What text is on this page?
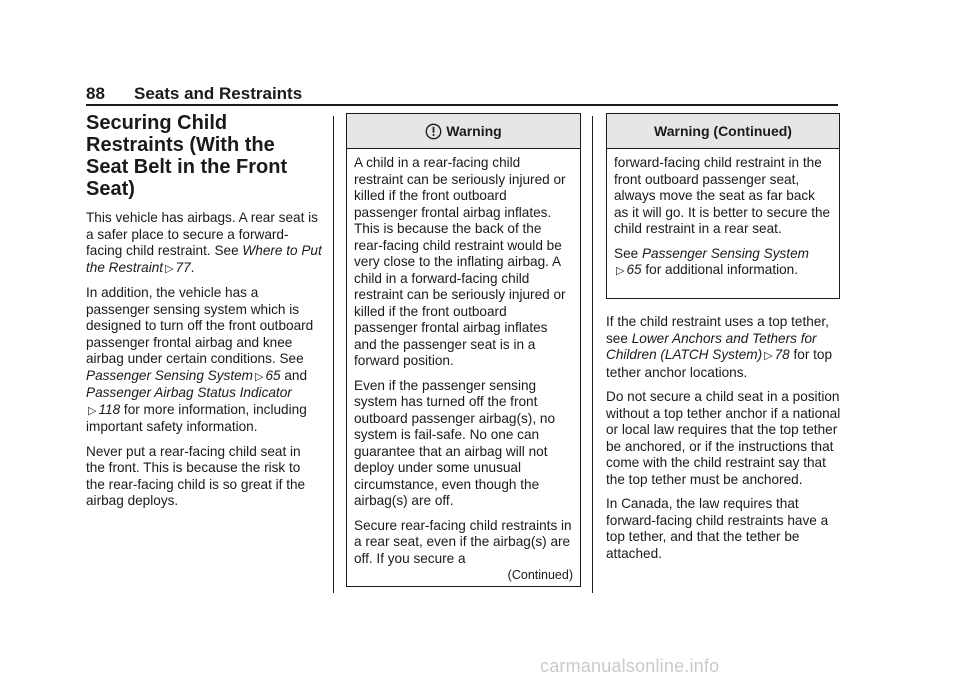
88 Seats and Restraints
Securing Child Restraints (With the Seat Belt in the Front Seat)

This vehicle has airbags. A rear seat is a safer place to secure a forward-facing child restraint. See Where to Put the Restraint ▷ 77.

In addition, the vehicle has a passenger sensing system which is designed to turn off the front outboard passenger frontal airbag and knee airbag under certain conditions. See Passenger Sensing System ▷ 65 and Passenger Airbag Status Indicator
▷ 118 for more information, including important safety information.

Never put a rear-facing child seat in the front. This is because the risk to the rear-facing child is so great if the airbag deploys.

Warning

A child in a rear-facing child restraint can be seriously injured or killed if the front outboard passenger frontal airbag inflates. This is because the back of the rear-facing child restraint would be very close to the inflating airbag. A child in a forward-facing child restraint can be seriously injured or killed if the front outboard passenger frontal airbag inflates and the passenger seat is in a forward position.

Even if the passenger sensing system has turned off the front outboard passenger airbag(s), no system is fail-safe. No one can guarantee that an airbag will not deploy under some unusual circumstance, even though the airbag(s) are off.

Secure rear-facing child restraints in a rear seat, even if the airbag(s) are off. If you secure a

(Continued)
Warning (Continued)

forward-facing child restraint in the front outboard passenger seat, always move the seat as far back as it will go. It is better to secure the child restraint in a rear seat.

See Passenger Sensing System
▷ 65 for additional information.

If the child restraint uses a top tether, see Lower Anchors and Tethers for Children (LATCH System) ▷ 78 for top tether anchor locations.

Do not secure a child seat in a position without a top tether anchor if a national or local law requires that the top tether be anchored, or if the instructions that come with the child restraint say that the top tether must be anchored.

In Canada, the law requires that forward-facing child restraints have a top tether, and that the tether be attached.

carmanualsonline.info
